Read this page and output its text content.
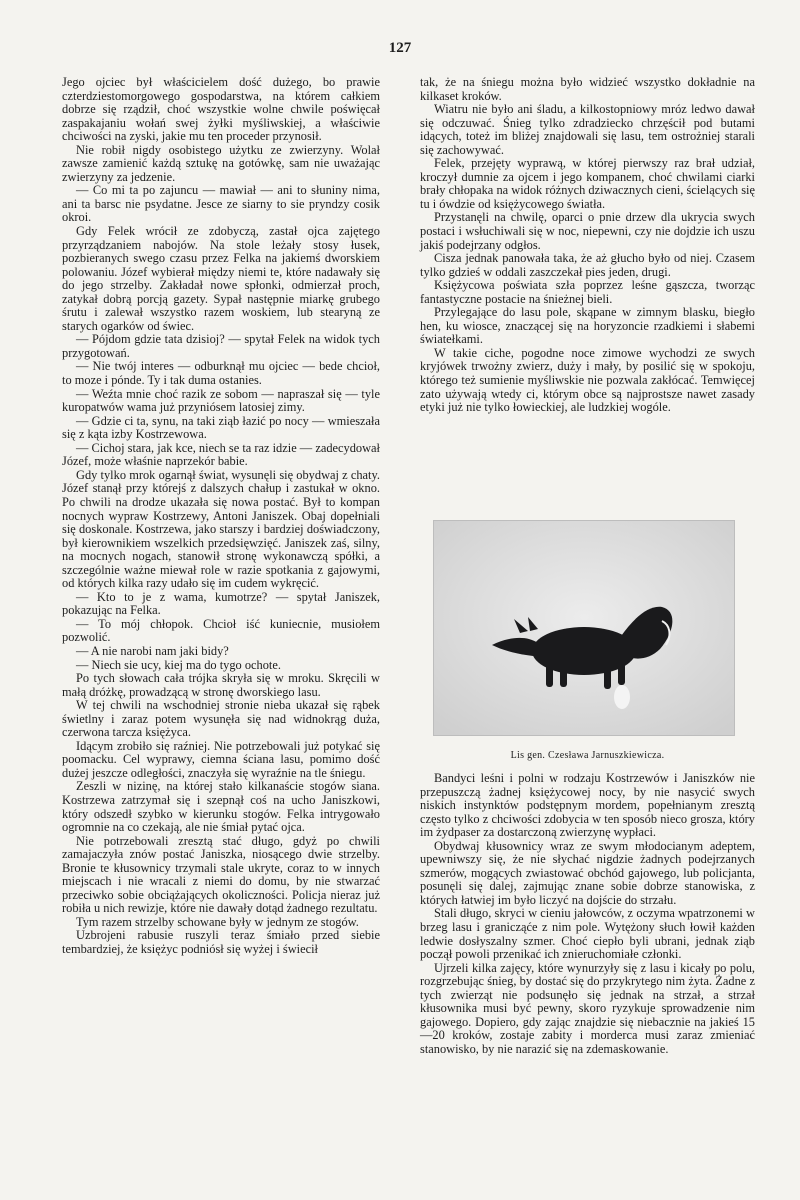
127

Jego ojciec był właścicielem dość dużego, bo prawie czterdziestomorgowego gospodarstwa, na którem całkiem dobrze się rządził, choć wszystkie wolne chwile poświęcał zaspakajaniu wołań swej żyłki myśliwskiej, a właściwie chciwości na zyski, jakie mu ten proceder przynosił.

Nie robił nigdy osobistego użytku ze zwierzyny. Wolał zawsze zamienić każdą sztukę na gotówkę, sam nie uważając zwierzyny za jedzenie.

— Co mi ta po zajuncu — mawiał — ani to słuniny nima, ani ta barsc nie psydatne. Jesce ze siarny to sie pryndzy cosik okroi.

Gdy Felek wrócił ze zdobyczą, zastał ojca zajętego przyrządzaniem nabojów. Na stole leżały stosy łusek, pozbieranych swego czasu przez Felka na jakiemś dworskiem polowaniu. Józef wybierał między niemi te, które nadawały się do jego strzelby. Zakładał nowe spłonki, odmierzał proch, zatykał dobrą porcją gazety. Sypał następnie miarkę grubego śrutu i zalewał wszystko razem woskiem, lub stearyną ze starych ogarków od świec.

— Pójdom gdzie tata dzisioj? — spytał Felek na widok tych przygotowań.

— Nie twój interes — odburknął mu ojciec — bede chcioł, to moze i pónde. Ty i tak duma ostanies.

— Weźta mnie choć razik ze sobom — napraszał się — tyle kuropatwów wama już przyniósem latosiej zimy.

— Gdzie ci ta, synu, na taki ziąb łazić po nocy — wmieszała się z kąta izby Kostrzewowa.

— Cichoj stara, jak kce, niech se ta raz idzie — zadecydował Józef, może właśnie naprzekór babie.

Gdy tylko mrok ogarnął świat, wysunęli się obydwaj z chaty. Józef stanął przy którejś z dalszych chałup i zastukał w okno. Po chwili na drodze ukazała się nowa postać. Był to kompan nocnych wypraw Kostrzewy, Antoni Janiszek. Obaj dopełniali się doskonale. Kostrzewa, jako starszy i bardziej doświadczony, był kierownikiem wszelkich przedsięwzięć. Janiszek zaś, silny, na mocnych nogach, stanowił stronę wykonawczą spółki, a szczególnie ważne miewał role w razie spotkania z gajowymi, od których kilka razy udało się im cudem wykręcić.

— Kto to je z wama, kumotrze? — spytał Janiszek, pokazując na Felka.

— To mój chłopok. Chcioł iść kuniecnie, musiołem pozwolić.

— A nie narobi nam jaki bidy?

— Niech sie ucy, kiej ma do tygo ochote.

Po tych słowach cała trójka skryła się w mroku. Skręcili w małą dróżkę, prowadzącą w stronę dworskiego lasu.

W tej chwili na wschodniej stronie nieba ukazał się rąbek świetlny i zaraz potem wysunęła się nad widnokrąg duża, czerwona tarcza księżyca.

Idącym zrobiło się raźniej. Nie potrzebowali już potykać się poomacku. Cel wyprawy, ciemna ściana lasu, pomimo dość dużej jeszcze odległości, znaczyła się wyraźnie na tle śniegu.

Zeszli w nizinę, na której stało kilkanaście stogów siana. Kostrzewa zatrzymał się i szepnął coś na ucho Janiszkowi, który odszedł szybko w kierunku stogów. Felka intrygowało ogromnie na co czekają, ale nie śmiał pytać ojca.

Nie potrzebowali zresztą stać długo, gdyż po chwili zamajaczyła znów postać Janiszka, niosącego dwie strzelby. Bronie te kłusownicy trzymali stale ukryte, coraz to w innych miejscach i nie wracali z niemi do domu, by nie stwarzać przeciwko sobie obciążających okoliczności. Policja nieraz już robiła u nich rewizje, które nie dawały dotąd żadnego rezultatu.

Tym razem strzelby schowane były w jednym ze stogów.

Uzbrojeni rabusie ruszyli teraz śmiało przed siebie tembardziej, że księżyc podniósł się wyżej i świecił

tak, że na śniegu można było widzieć wszystko dokładnie na kilkaset kroków.

Wiatru nie było ani śladu, a kilkostopniowy mróz ledwo dawał się odczuwać. Śnieg tylko zdradziecko chrzęścił pod butami idących, toteż im bliżej znajdowali się lasu, tem ostrożniej starali się zachowywać.

Felek, przejęty wyprawą, w której pierwszy raz brał udział, kroczył dumnie za ojcem i jego kompanem, choć chwilami ciarki brały chłopaka na widok różnych dziwacznych cieni, ścielących się tu i ówdzie od księżycowego światła.

Przystanęli na chwilę, oparci o pnie drzew dla ukrycia swych postaci i wsłuchiwali się w noc, niepewni, czy nie dojdzie ich uszu jakiś podejrzany odgłos.

Cisza jednak panowała taka, że aż głucho było od niej. Czasem tylko gdzieś w oddali zaszczekał pies jeden, drugi.

Księżycowa poświata szła poprzez leśne gąszcza, tworząc fantastyczne postacie na śnieżnej bieli.

Przylegające do lasu pole, skąpane w zimnym blasku, biegło hen, ku wiosce, znaczącej się na horyzoncie rzadkiemi i słabemi światełkami.

W takie ciche, pogodne noce zimowe wychodzi ze swych kryjówek trwożny zwierz, duży i mały, by posilić się w spokoju, którego też sumienie myśliwskie nie pozwala zakłócać. Temwięcej zato używają wtedy ci, którym obce są najprostsze nawet zasady etyki już nie tylko łowieckiej, ale ludzkiej wogóle.

Lis gen. Czesława Jarnuszkiewicza.

Bandyci leśni i polni w rodzaju Kostrzewów i Janiszków nie przepuszczą żadnej księżycowej nocy, by nie nasycić swych niskich instynktów podstępnym mordem, popełnianym zresztą często tylko z chciwości zdobycia w ten sposób nieco grosza, który im żydpaser za dostarczoną zwierzynę wypłaci.

Obydwaj kłusownicy wraz ze swym młodocianym adeptem, upewniwszy się, że nie słychać nigdzie żadnych podejrzanych szmerów, mogących zwiastować obchód gajowego, lub policjanta, posunęli się dalej, zajmując znane sobie dobrze stanowiska, z których łatwiej im było liczyć na dojście do strzału.

Stali długo, skryci w cieniu jałowców, z oczyma wpatrzonemi w brzeg lasu i granicząće z nim pole. Wytężony słuch łowił każden ledwie dosłyszalny szmer. Choć ciepło byli ubrani, jednak ziąb począł powoli przenikać ich znieruchomiałe członki.

Ujrzeli kilka zajęcy, które wynurzyły się z lasu i kicały po polu, rozgrzebując śnieg, by dostać się do przykrytego nim żyta. Żadne z tych zwierząt nie podsunęło się jednak na strzał, a strzał kłusownika musi być pewny, skoro ryzykuje sprowadzenie nim gajowego. Dopiero, gdy zając znajdzie się niebacznie na jakieś 15—20 kroków, zostaje zabity i morderca musi zaraz zmieniać stanowisko, by nie narazić się na zdemaskowanie.
